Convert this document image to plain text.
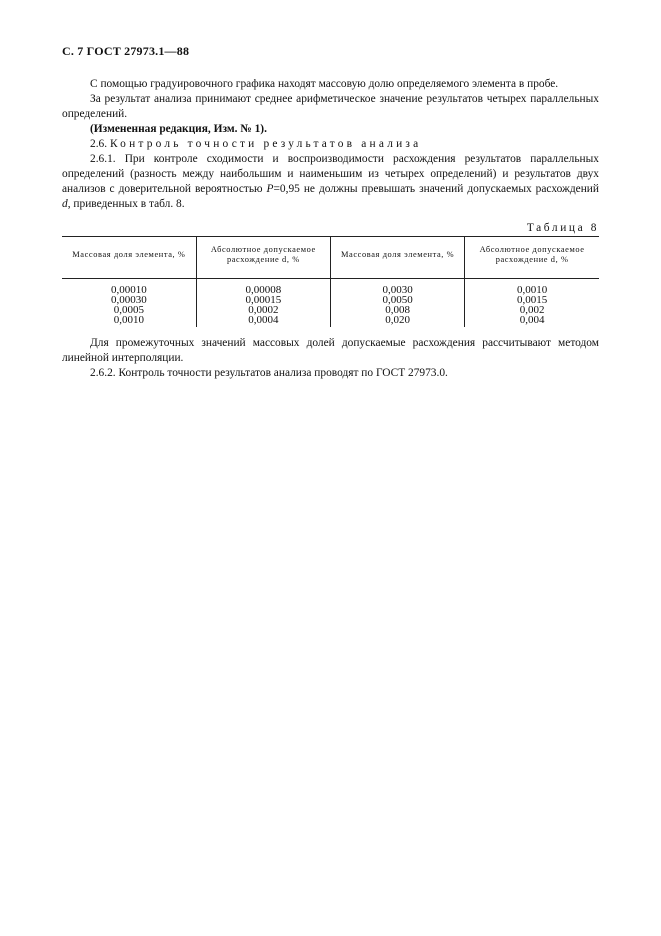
С. 7 ГОСТ 27973.1—88

С помощью градуировочного графика находят массовую долю определяемого элемента в пробе.

За результат анализа принимают среднее арифметическое значение результатов четырех параллельных определений.

(Измененная редакция, Изм. № 1).

2.6. Контроль точности результатов анализа

2.6.1. При контроле сходимости и воспроизводимости расхождения результатов параллельных определений (разность между наибольшим и наименьшим из четырех определений) и результатов двух анализов с доверительной вероятностью P=0,95 не должны превышать значений допускаемых расхождений d, приведенных в табл. 8.

Таблица 8
Массовая доля элемента, %	Абсолютное допускаемое расхождение d, %	Массовая доля элемента, %	Абсолютное допускаемое расхождение d, %
0,00010	0,00008	0,0030	0,0010
0,00030	0,00015	0,0050	0,0015
0,0005	0,0002	0,008	0,002
0,0010	0,0004	0,020	0,004

Для промежуточных значений массовых долей допускаемые расхождения рассчитывают методом линейной интерполяции.

2.6.2. Контроль точности результатов анализа проводят по ГОСТ 27973.0.
